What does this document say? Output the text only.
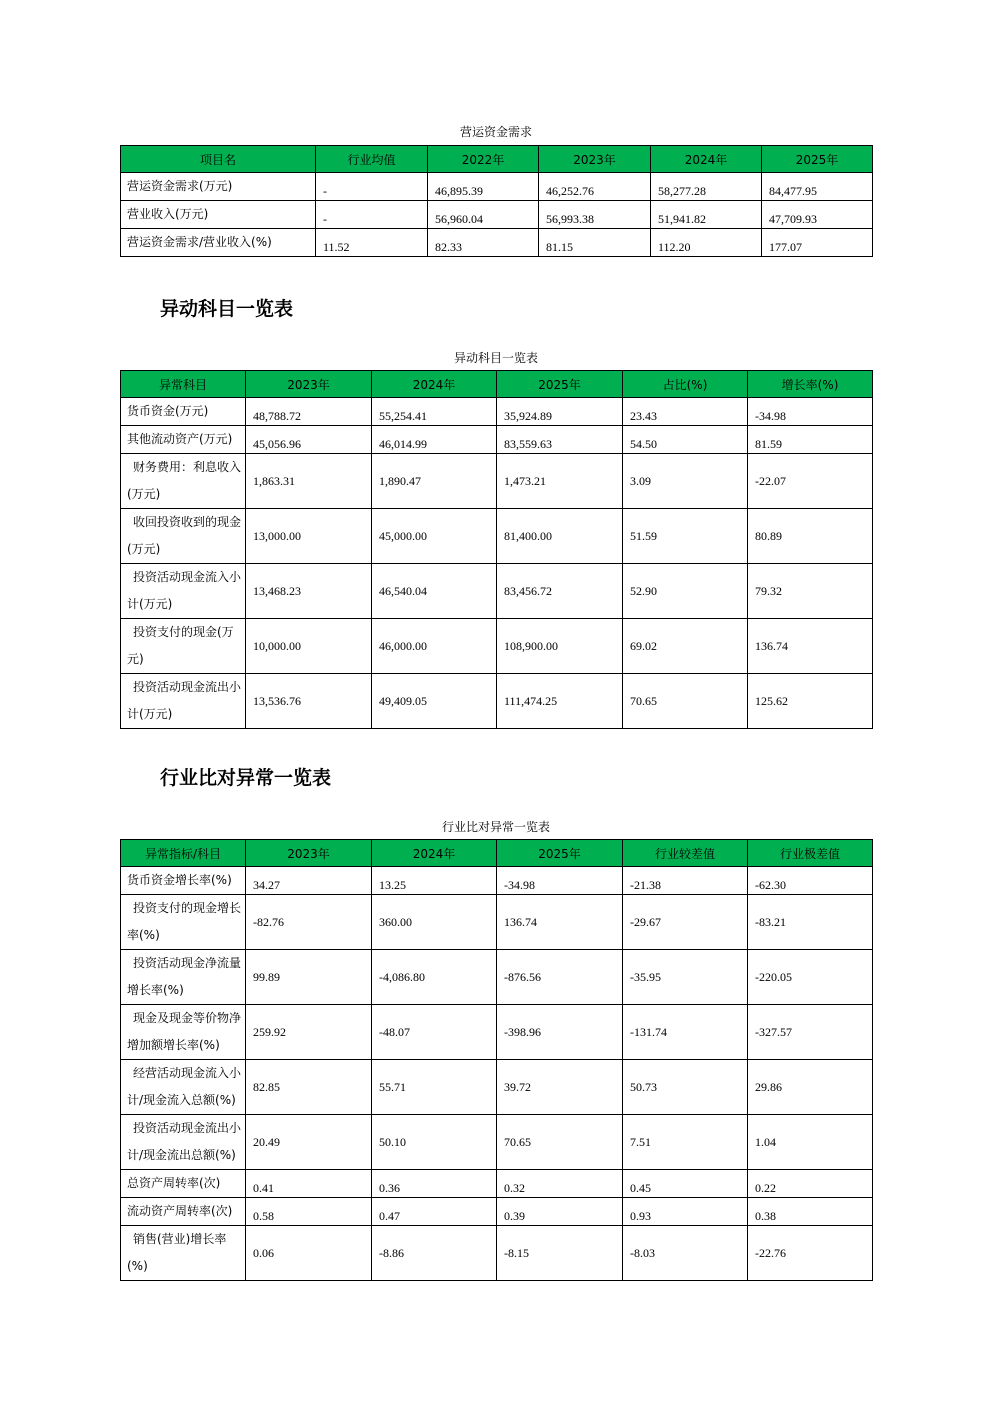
营运资金需求
项目名	行业均值	2022年	2023年	2024年	2025年
营运资金需求(万元)	-	46,895.39	46,252.76	58,277.28	84,477.95
营业收入(万元)	-	56,960.04	56,993.38	51,941.82	47,709.93
营运资金需求/营业收入(%)	11.52	82.33	81.15	112.20	177.07
异动科目一览表
异动科目一览表
异常科目	2023年	2024年	2025年	占比(%)	增长率(%)
货币资金(万元)	48,788.72	55,254.41	35,924.89	23.43	-34.98
其他流动资产(万元)	45,056.96	46,014.99	83,559.63	54.50	81.59
财务费用：利息收入(万元)	1,863.31	1,890.47	1,473.21	3.09	-22.07
收回投资收到的现金(万元)	13,000.00	45,000.00	81,400.00	51.59	80.89
投资活动现金流入小计(万元)	13,468.23	46,540.04	83,456.72	52.90	79.32
投资支付的现金(万元)	10,000.00	46,000.00	108,900.00	69.02	136.74
投资活动现金流出小计(万元)	13,536.76	49,409.05	111,474.25	70.65	125.62
行业比对异常一览表
行业比对异常一览表
异常指标/科目	2023年	2024年	2025年	行业较差值	行业极差值
货币资金增长率(%)	34.27	13.25	-34.98	-21.38	-62.30
投资支付的现金增长率(%)	-82.76	360.00	136.74	-29.67	-83.21
投资活动现金净流量增长率(%)	99.89	-4,086.80	-876.56	-35.95	-220.05
现金及现金等价物净增加额增长率(%)	259.92	-48.07	-398.96	-131.74	-327.57
经营活动现金流入小计/现金流入总额(%)	82.85	55.71	39.72	50.73	29.86
投资活动现金流出小计/现金流出总额(%)	20.49	50.10	70.65	7.51	1.04
总资产周转率(次)	0.41	0.36	0.32	0.45	0.22
流动资产周转率(次)	0.58	0.47	0.39	0.93	0.38
销售(营业)增长率(%)	0.06	-8.86	-8.15	-8.03	-22.76
